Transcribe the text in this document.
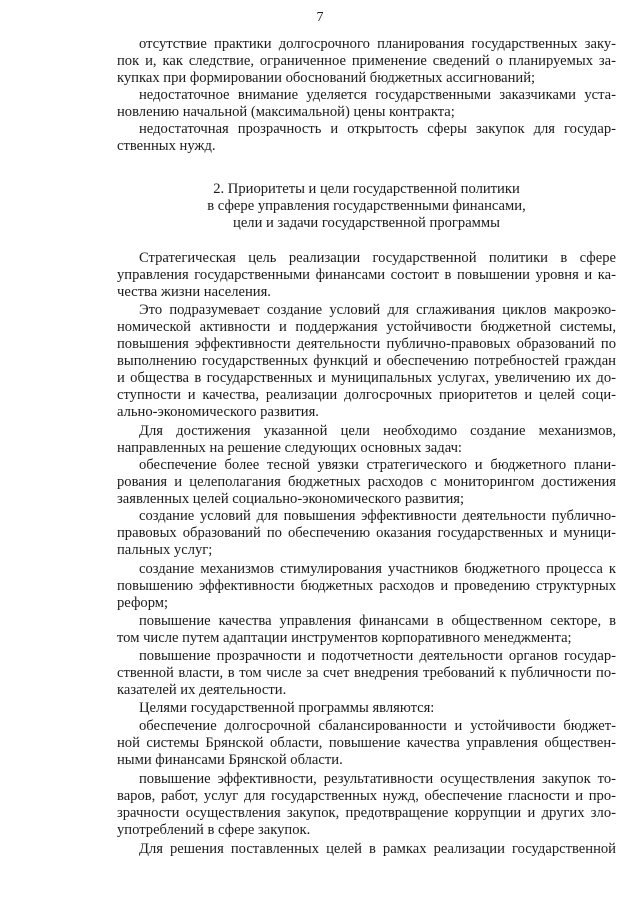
7
отсутствие практики долгосрочного планирования государственных заку-
пок и, как следствие, ограниченное применение сведений о планируемых за-
купках при формировании обоснований бюджетных ассигнований;
недостаточное внимание уделяется государственными заказчиками уста-
новлению начальной (максимальной) цены контракта;
недостаточная прозрачность и открытость сферы закупок для государ-
ственных нужд.
2. Приоритеты и цели государственной политики
в сфере управления государственными финансами,
цели и задачи государственной программы
Стратегическая цель реализации государственной политики в сфере
управления государственными финансами состоит в повышении уровня и ка-
чества жизни населения.
Это подразумевает создание условий для сглаживания циклов макроэко-
номической активности и поддержания устойчивости бюджетной системы,
повышения эффективности деятельности публично-правовых образований по
выполнению государственных функций и обеспечению потребностей граждан
и общества в государственных и муниципальных услугах, увеличению их до-
ступности и качества, реализации долгосрочных приоритетов и целей соци-
ально-экономического развития.
Для достижения указанной цели необходимо создание механизмов,
направленных на решение следующих основных задач:
обеспечение более тесной увязки стратегического и бюджетного плани-
рования и целеполагания бюджетных расходов с мониторингом достижения
заявленных целей социально-экономического развития;
создание условий для повышения эффективности деятельности публично-
правовых образований по обеспечению оказания государственных и муници-
пальных услуг;
создание механизмов стимулирования участников бюджетного процесса к
повышению эффективности бюджетных расходов и проведению структурных
реформ;
повышение качества управления финансами в общественном секторе, в
том числе путем адаптации инструментов корпоративного менеджмента;
повышение прозрачности и подотчетности деятельности органов государ-
ственной власти, в том числе за счет внедрения требований к публичности по-
казателей их деятельности.
Целями государственной программы являются:
обеспечение долгосрочной сбалансированности и устойчивости бюджет-
ной системы Брянской области, повышение качества управления обществен-
ными финансами Брянской области.
повышение эффективности, результативности осуществления закупок то-
варов, работ, услуг для государственных нужд, обеспечение гласности и про-
зрачности осуществления закупок, предотвращение коррупции и других зло-
употреблений в сфере закупок.
Для решения поставленных целей в рамках реализации государственной
